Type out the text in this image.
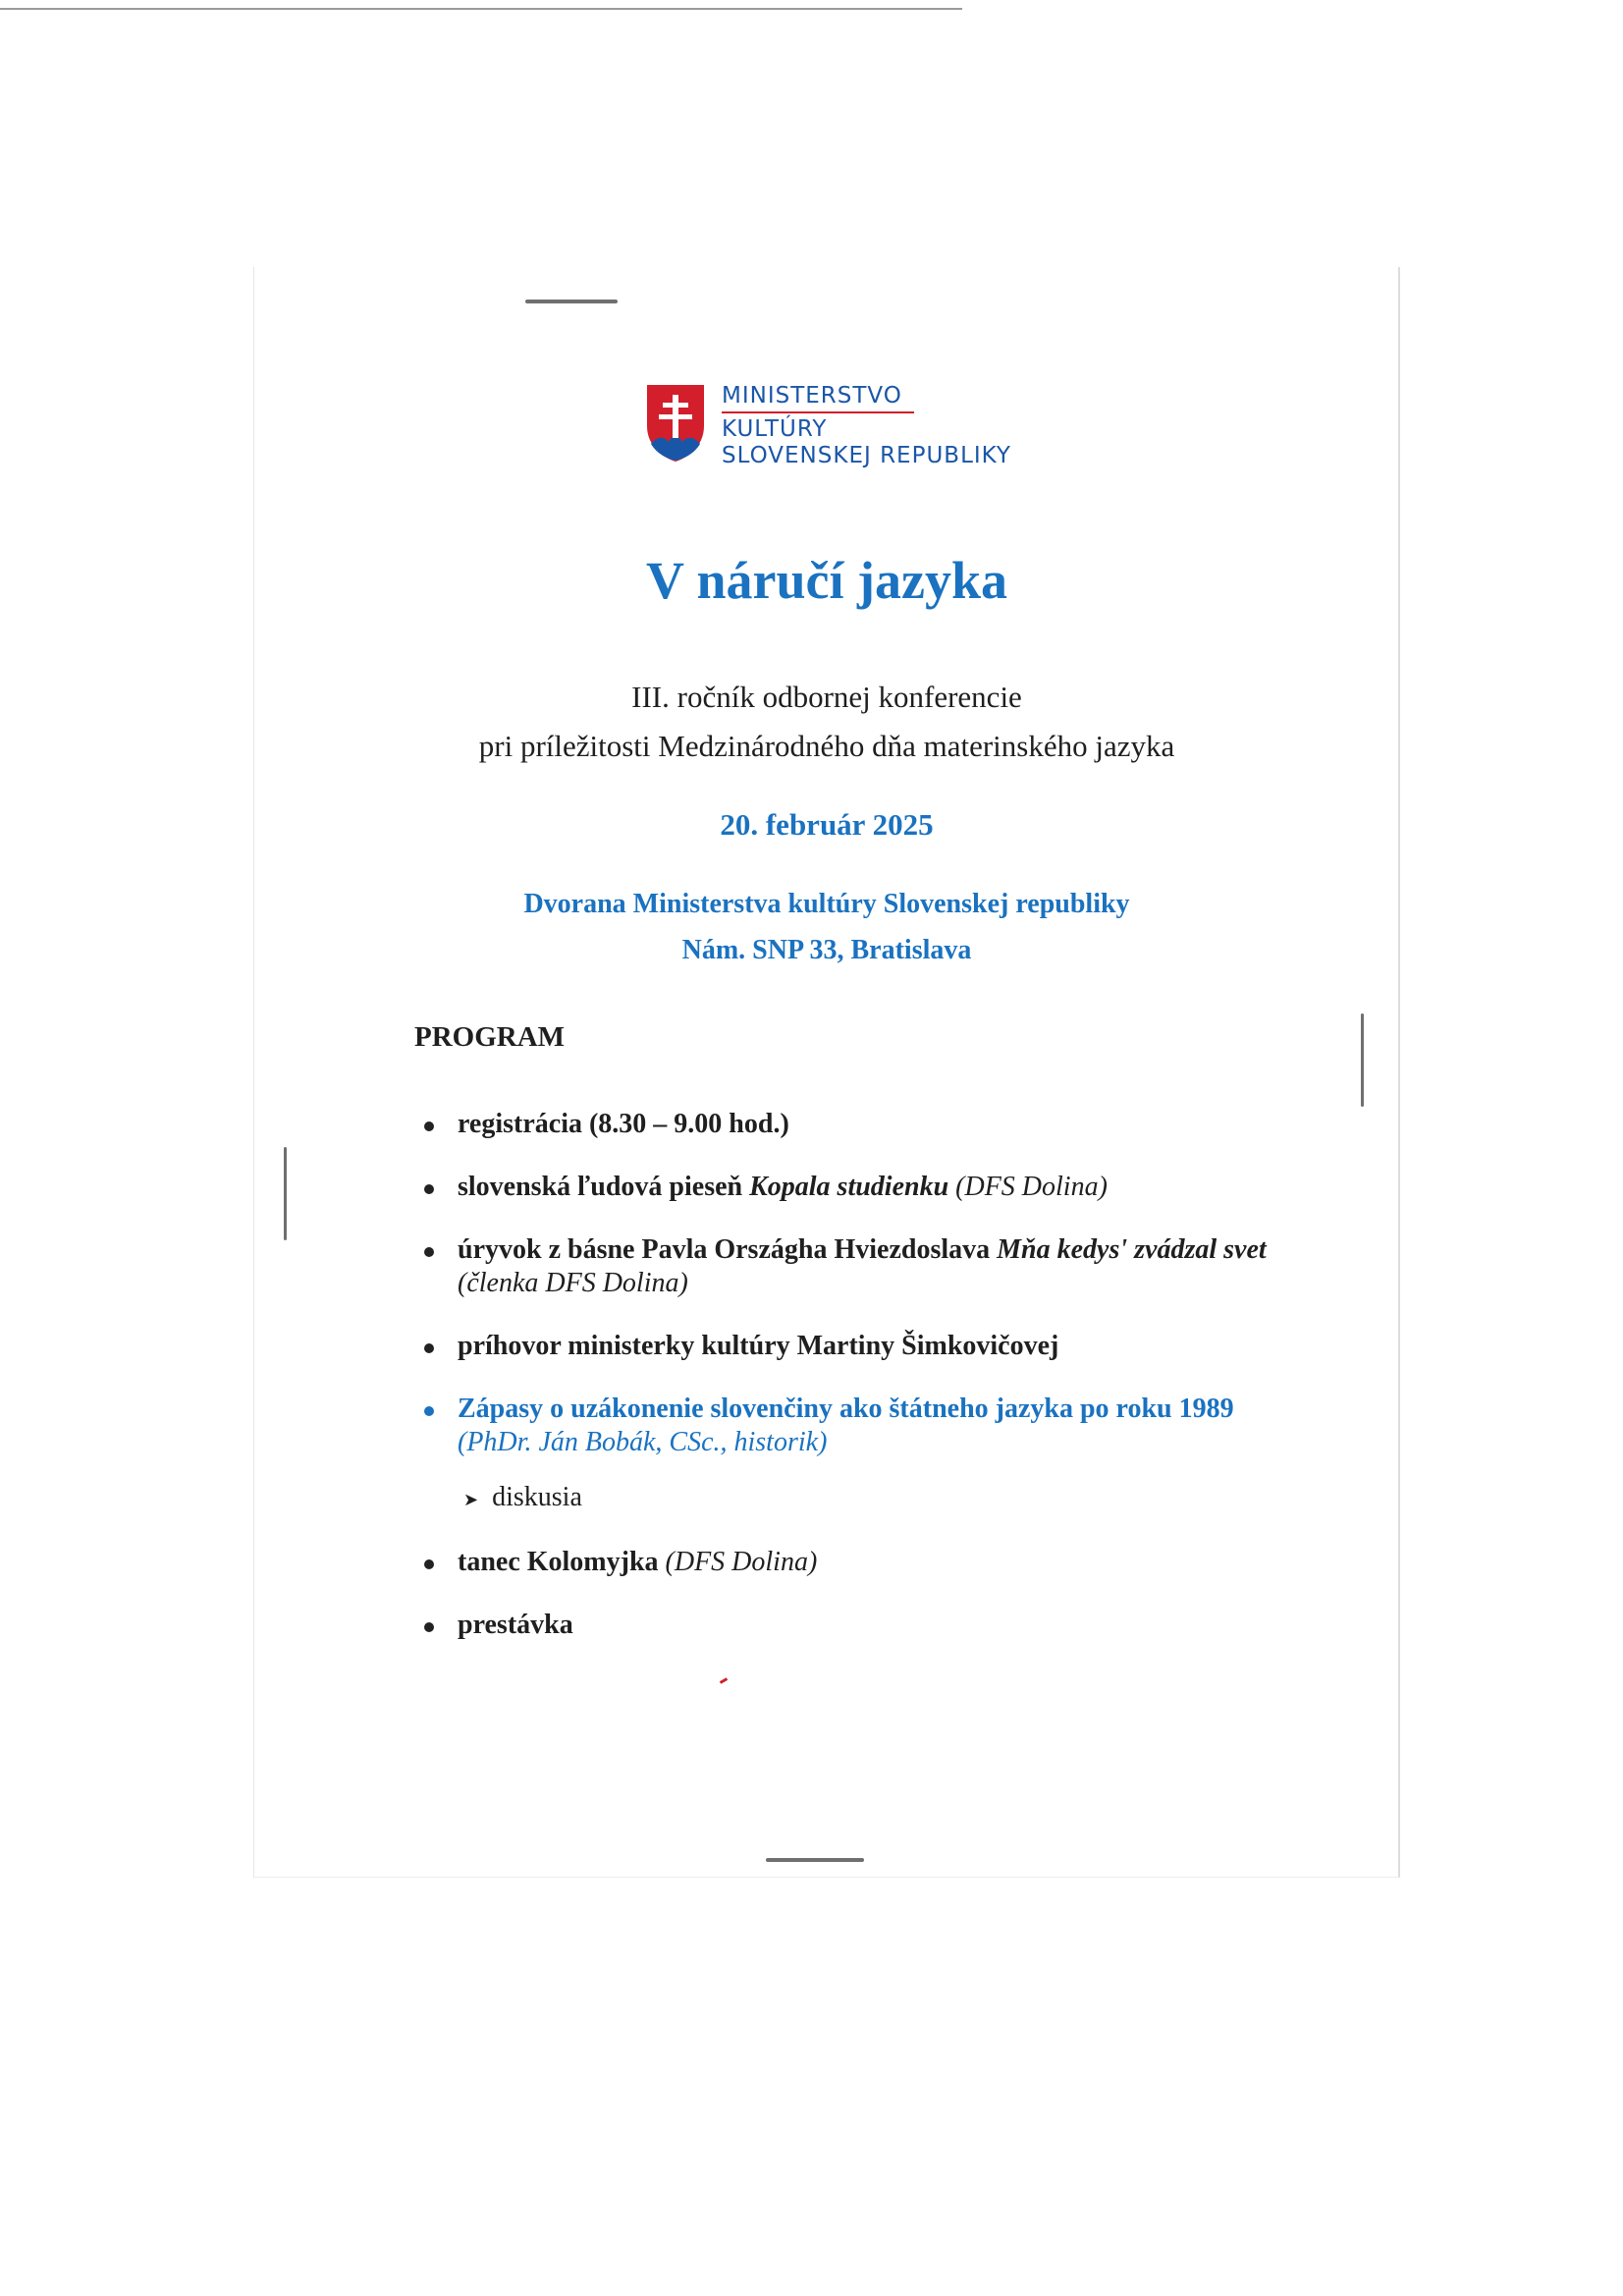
MINISTERSTVO
KULTÚRY
SLOVENSKEJ REPUBLIKY
V náručí jazyka
III. ročník odbornej konferencie
pri príležitosti Medzinárodného dňa materinského jazyka
20. február 2025
Dvorana Ministerstva kultúry Slovenskej republiky
Nám. SNP 33, Bratislava
PROGRAM
registrácia (8.30 – 9.00 hod.)
slovenská ľudová pieseň Kopala studienku (DFS Dolina)
úryvok z básne Pavla Országha Hviezdoslava Mňa kedys' zvádzal svet (členka DFS Dolina)
príhovor ministerky kultúry Martiny Šimkovičovej
Zápasy o uzákonenie slovenčiny ako štátneho jazyka po roku 1989
(PhDr. Ján Bobák, CSc., historik)
➤ diskusia
tanec Kolomyjka (DFS Dolina)
prestávka
